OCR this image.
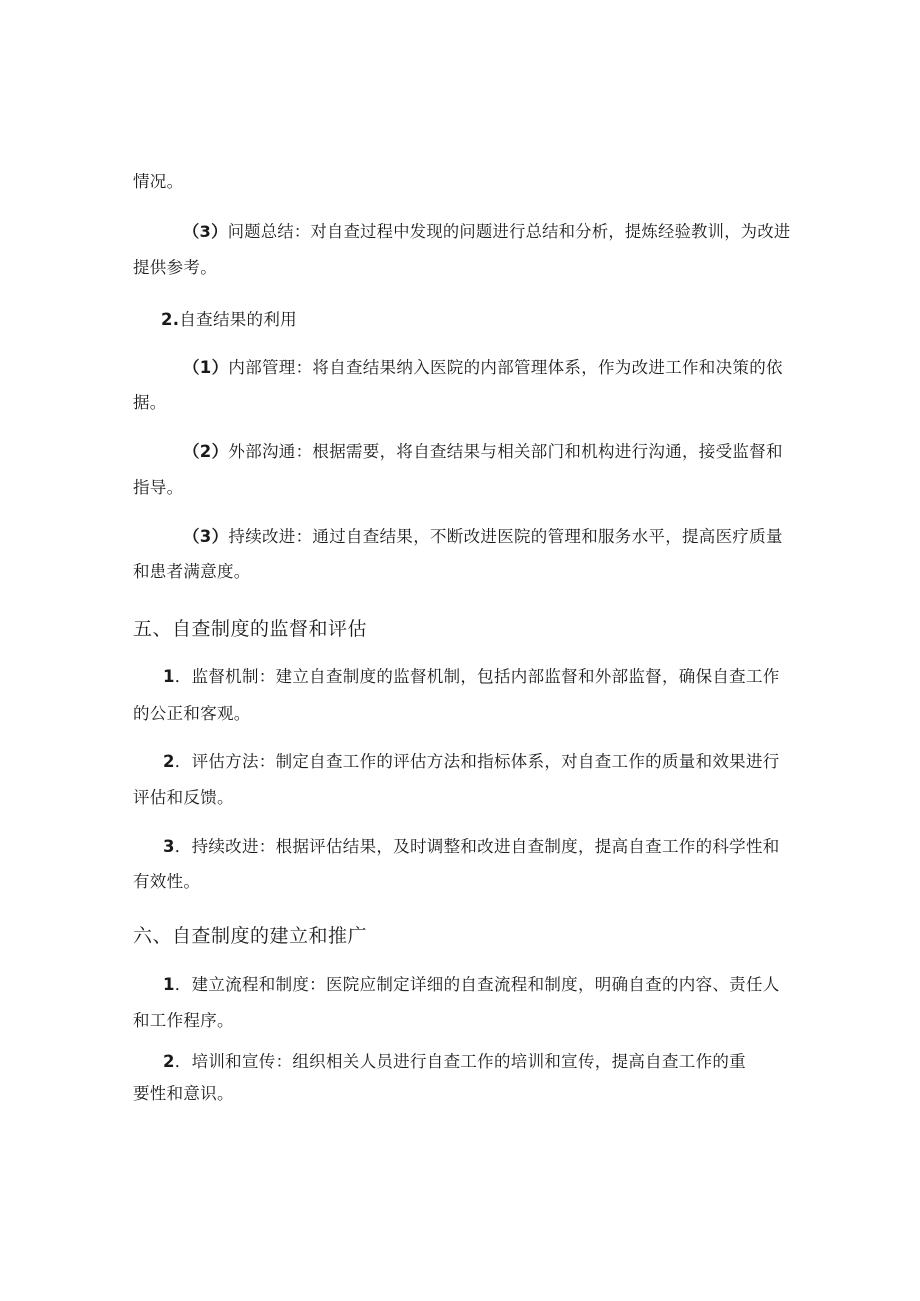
情况。
（3）问题总结：对自查过程中发现的问题进行总结和分析，提炼经验教训，为改进
提供参考。
2.自查结果的利用
（1）内部管理：将自查结果纳入医院的内部管理体系，作为改进工作和决策的依
据。
（2）外部沟通：根据需要，将自查结果与相关部门和机构进行沟通，接受监督和
指导。
（3）持续改进：通过自查结果，不断改进医院的管理和服务水平，提高医疗质量
和患者满意度。
五、自查制度的监督和评估
1．监督机制：建立自查制度的监督机制，包括内部监督和外部监督，确保自查工作
的公正和客观。
2．评估方法：制定自查工作的评估方法和指标体系，对自查工作的质量和效果进行
评估和反馈。
3．持续改进：根据评估结果，及时调整和改进自查制度，提高自查工作的科学性和
有效性。
六、自查制度的建立和推广
1．建立流程和制度：医院应制定详细的自查流程和制度，明确自查的内容、责任人
和工作程序。
2．培训和宣传：组织相关人员进行自查工作的培训和宣传，提高自查工作的重
要性和意识。
